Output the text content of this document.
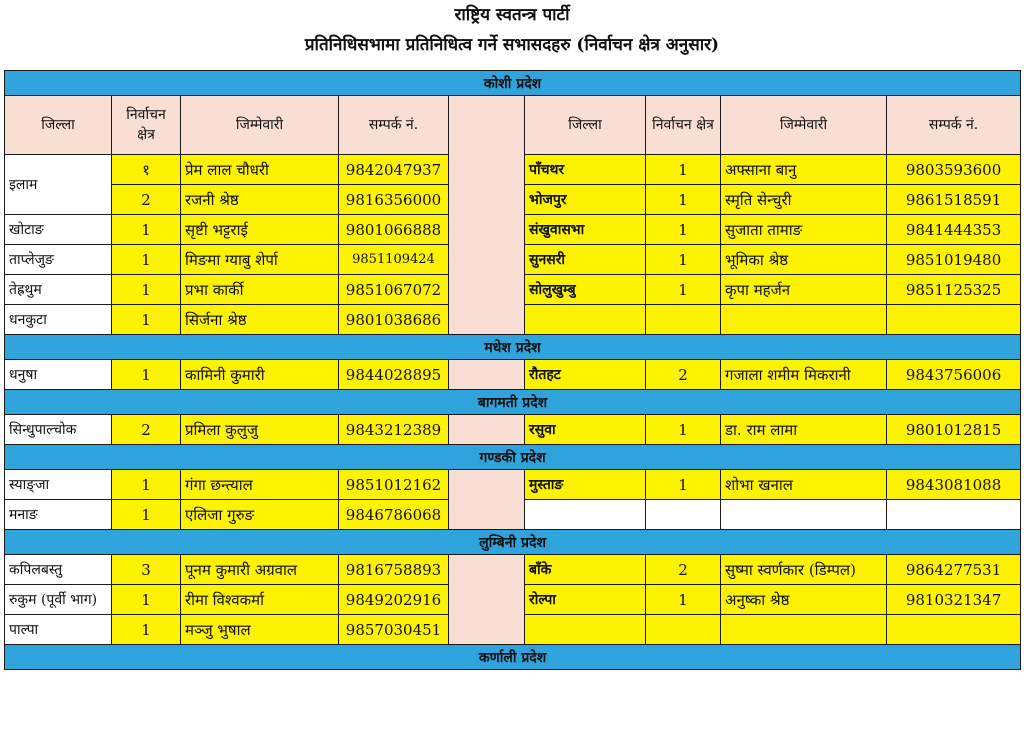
राष्ट्रिय स्वतन्त्र पार्टी
प्रतिनिधिसभामा प्रतिनिधित्व गर्ने सभासदहरु (निर्वाचन क्षेत्र अनुसार)
कोशी प्रदेश								
जिल्ला	निर्वाचन क्षेत्र	जिम्मेवारी	सम्पर्क नं.		जिल्ला	निर्वाचन क्षेत्र	जिम्मेवारी	सम्पर्क नं.
इलाम	१	प्रेम लाल चौधरी	9842047937		पाँचथर	1	अफ्साना बानु	9803593600
	2	रजनी श्रेष्ठ	9816356000		भोजपुर	1	स्मृति सेन्चुरी	9861518591
खोटाङ	1	सृष्टी भट्टराई	9801066888		संखुवासभा	1	सुजाता तामाङ	9841444353
ताप्लेजुङ	1	मिङमा ग्याबु शेर्पा	9851109424		सुनसरी	1	भूमिका श्रेष्ठ	9851019480
तेह्रथुम	1	प्रभा कार्की	9851067072		सोलुखुम्बु	1	कृपा महर्जन	9851125325
धनकुटा	1	सिर्जना श्रेष्ठ	9801038686					
मधेश प्रदेश								
धनुषा	1	कामिनी कुमारी	9844028895		रौतहट	2	गजाला शमीम मिकरानी	9843756006
बागमती प्रदेश								
सिन्धुपाल्चोक	2	प्रमिला कुलुजु	9843212389		रसुवा	1	डा. राम लामा	9801012815
गण्डकी प्रदेश								
स्याङ्जा	1	गंगा छन्त्याल	9851012162		मुस्ताङ	1	शोभा खनाल	9843081088
मनाङ	1	एलिजा गुरुङ	9846786068					
लुम्बिनी प्रदेश								
कपिलबस्तु	3	पूनम कुमारी अग्रवाल	9816758893		बाँके	2	सुष्मा स्वर्णकार (डिम्पल)	9864277531
रुकुम (पूर्वी भाग)	1	रीमा विश्वकर्मा	9849202916		रोल्पा	1	अनुष्का श्रेष्ठ	9810321347
पाल्पा	1	मञ्जु भुषाल	9857030451					
कर्णाली प्रदेश								
